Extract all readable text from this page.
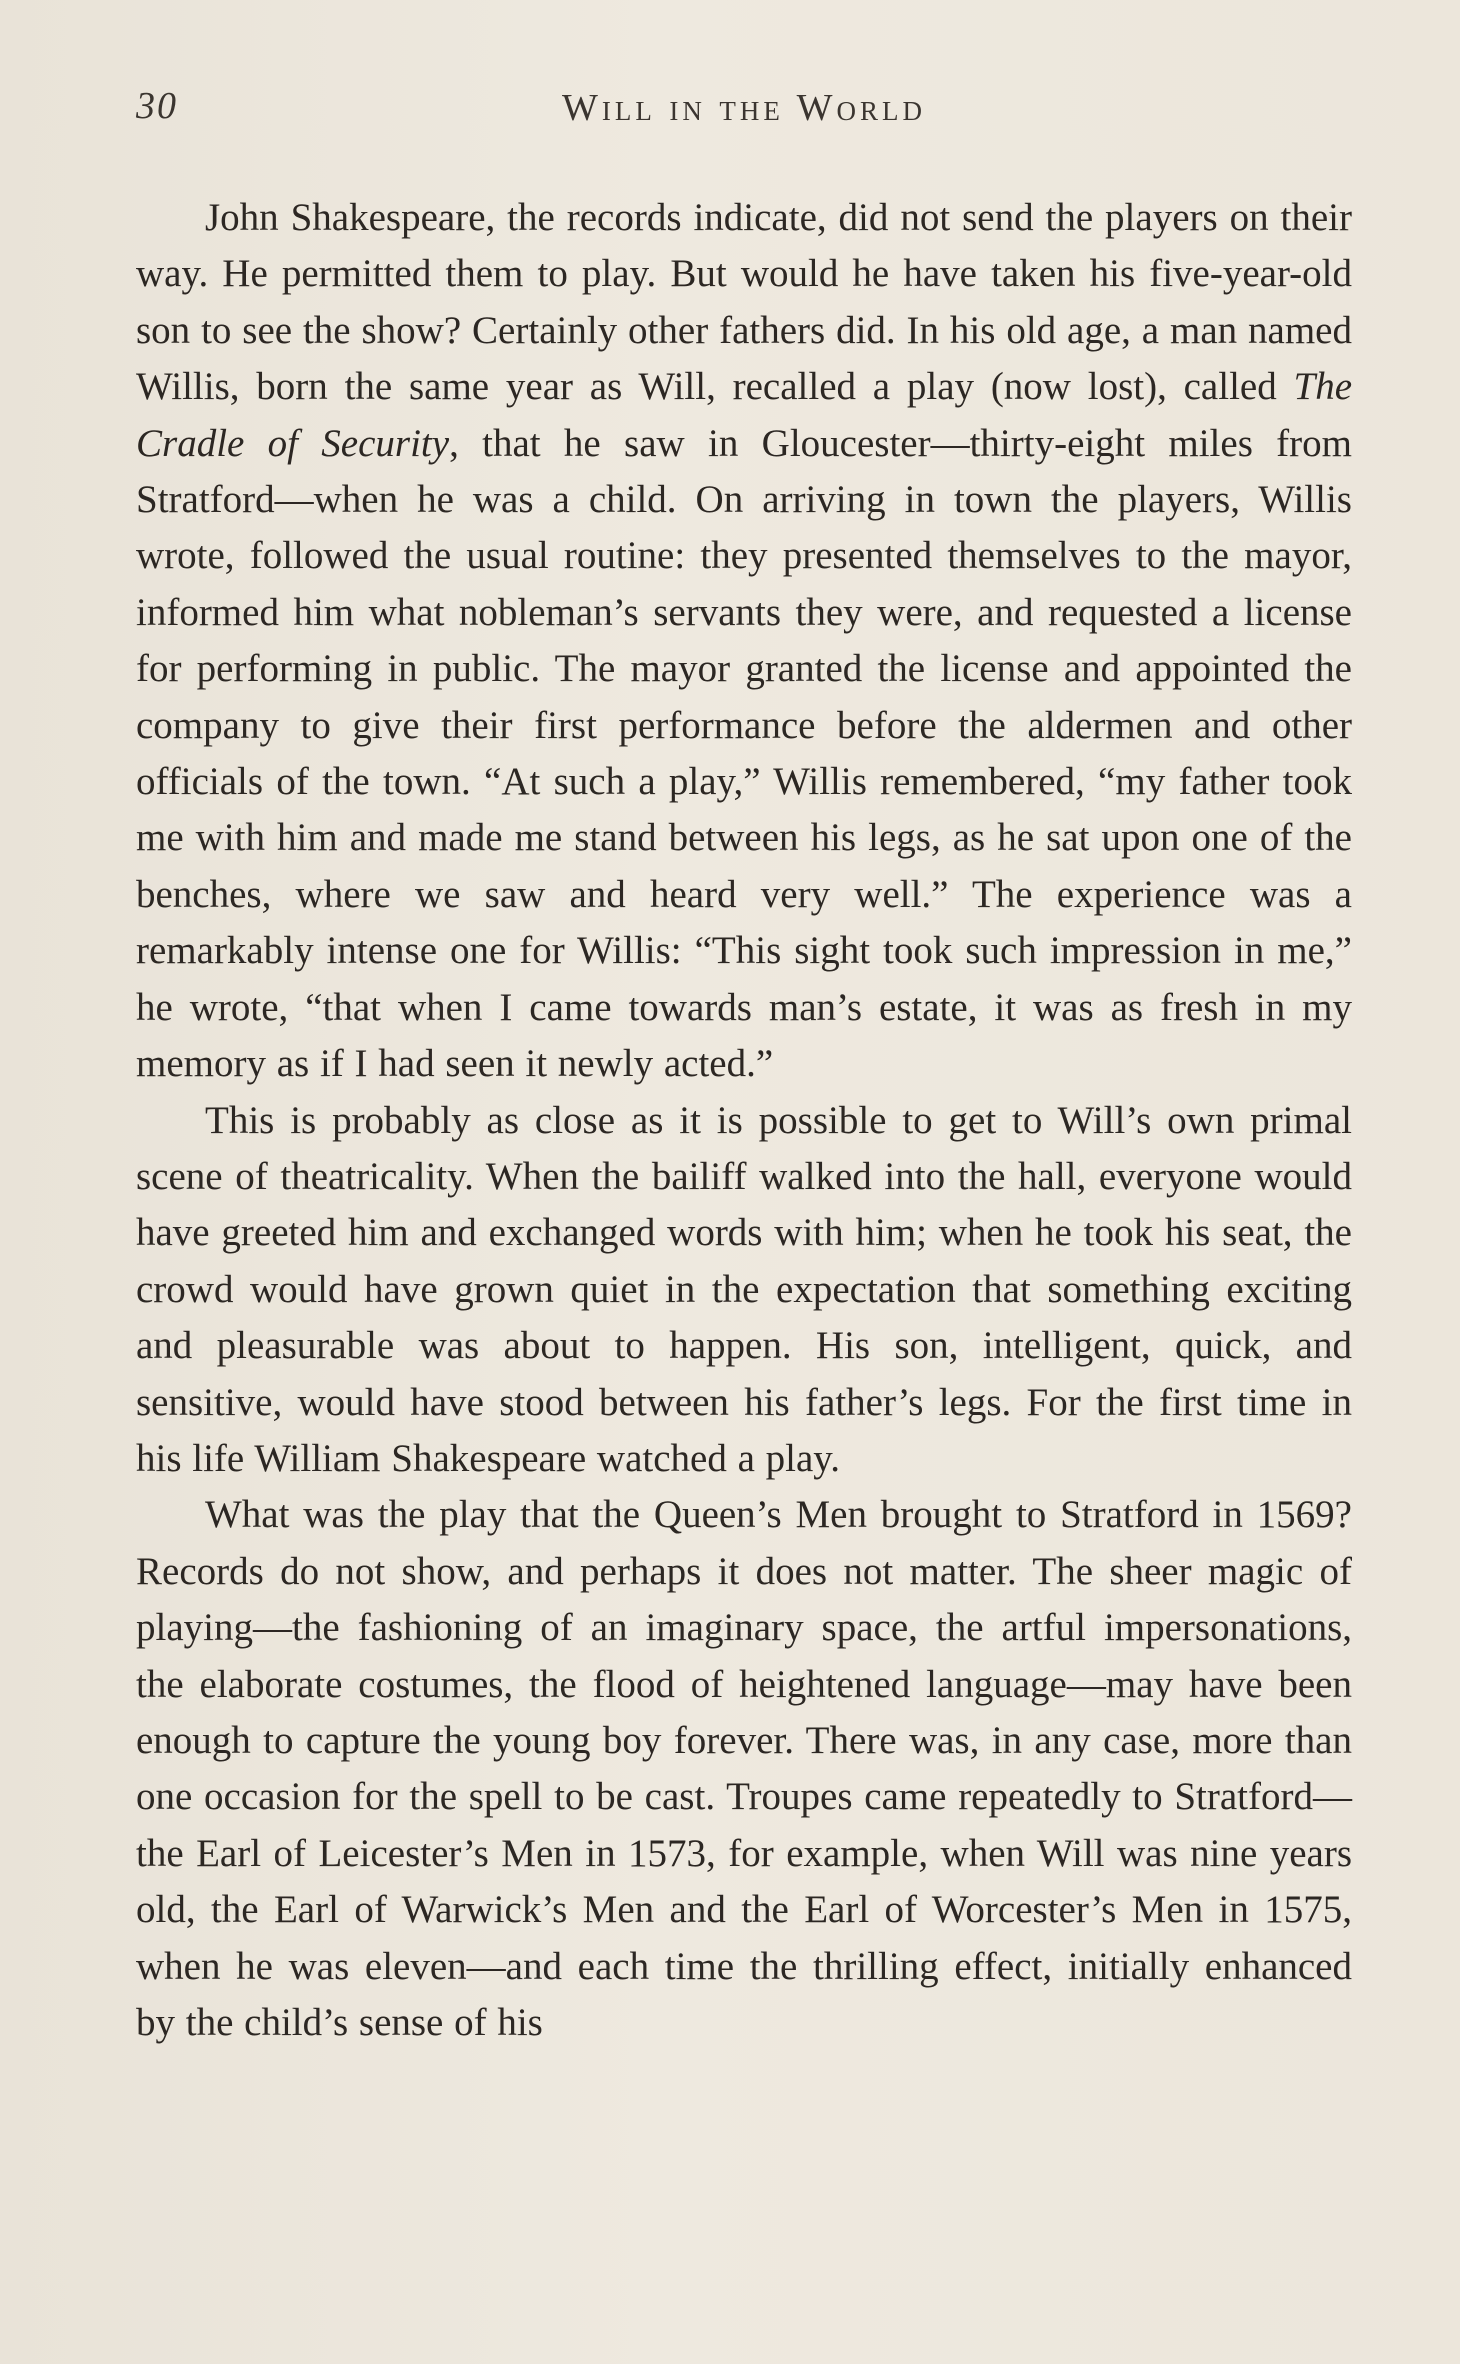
30	Will in the World

John Shakespeare, the records indicate, did not send the players on their way. He permitted them to play. But would he have taken his five-year-old son to see the show? Certainly other fathers did. In his old age, a man named Willis, born the same year as Will, recalled a play (now lost), called The Cradle of Security, that he saw in Gloucester—thirty-eight miles from Stratford—when he was a child. On arriving in town the players, Willis wrote, followed the usual routine: they presented themselves to the mayor, informed him what nobleman’s servants they were, and requested a license for performing in public. The mayor granted the license and appointed the company to give their first performance before the aldermen and other officials of the town. “At such a play,” Willis remembered, “my father took me with him and made me stand between his legs, as he sat upon one of the benches, where we saw and heard very well.” The experience was a remarkably intense one for Willis: “This sight took such impression in me,” he wrote, “that when I came towards man’s estate, it was as fresh in my memory as if I had seen it newly acted.”

This is probably as close as it is possible to get to Will’s own primal scene of theatricality. When the bailiff walked into the hall, everyone would have greeted him and exchanged words with him; when he took his seat, the crowd would have grown quiet in the expectation that something exciting and pleasurable was about to happen. His son, intelligent, quick, and sensitive, would have stood between his father’s legs. For the first time in his life William Shakespeare watched a play.

What was the play that the Queen’s Men brought to Stratford in 1569? Records do not show, and perhaps it does not matter. The sheer magic of playing—the fashioning of an imaginary space, the artful impersonations, the elaborate costumes, the flood of heightened language—may have been enough to capture the young boy forever. There was, in any case, more than one occasion for the spell to be cast. Troupes came repeatedly to Stratford—the Earl of Leicester’s Men in 1573, for example, when Will was nine years old, the Earl of Warwick’s Men and the Earl of Worcester’s Men in 1575, when he was eleven—and each time the thrilling effect, initially enhanced by the child’s sense of his
